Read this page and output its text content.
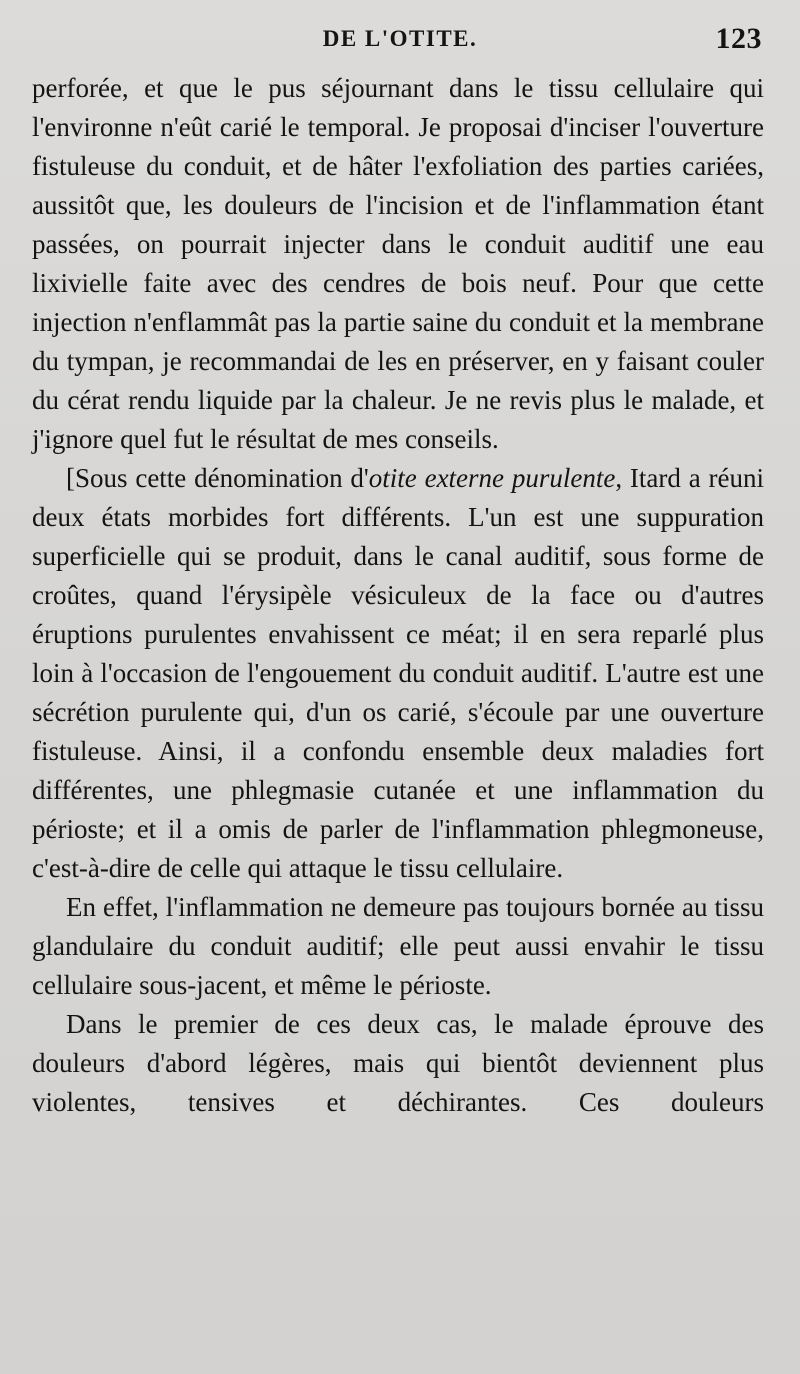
DE L'OTITE.	123

perforée, et que le pus séjournant dans le tissu cellulaire qui l'environne n'eût carié le temporal. Je proposai d'inciser l'ouverture fistuleuse du conduit, et de hâter l'exfoliation des parties cariées, aussitôt que, les douleurs de l'incision et de l'inflammation étant passées, on pourrait injecter dans le conduit auditif une eau lixivielle faite avec des cendres de bois neuf. Pour que cette injection n'enflammât pas la partie saine du conduit et la membrane du tympan, je recommandai de les en préserver, en y faisant couler du cérat rendu liquide par la chaleur. Je ne revis plus le malade, et j'ignore quel fut le résultat de mes conseils.

[Sous cette dénomination d'otite externe purulente, Itard a réuni deux états morbides fort différents. L'un est une suppuration superficielle qui se produit, dans le canal auditif, sous forme de croûtes, quand l'érysipèle vésiculeux de la face ou d'autres éruptions purulentes envahissent ce méat; il en sera reparlé plus loin à l'occasion de l'engouement du conduit auditif. L'autre est une sécrétion purulente qui, d'un os carié, s'écoule par une ouverture fistuleuse. Ainsi, il a confondu ensemble deux maladies fort différentes, une phlegmasie cutanée et une inflammation du périoste; et il a omis de parler de l'inflammation phlegmoneuse, c'est-à-dire de celle qui attaque le tissu cellulaire.

En effet, l'inflammation ne demeure pas toujours bornée au tissu glandulaire du conduit auditif; elle peut aussi envahir le tissu cellulaire sous-jacent, et même le périoste.

Dans le premier de ces deux cas, le malade éprouve des douleurs d'abord légères, mais qui bientôt deviennent plus violentes, tensives et déchirantes. Ces douleurs
